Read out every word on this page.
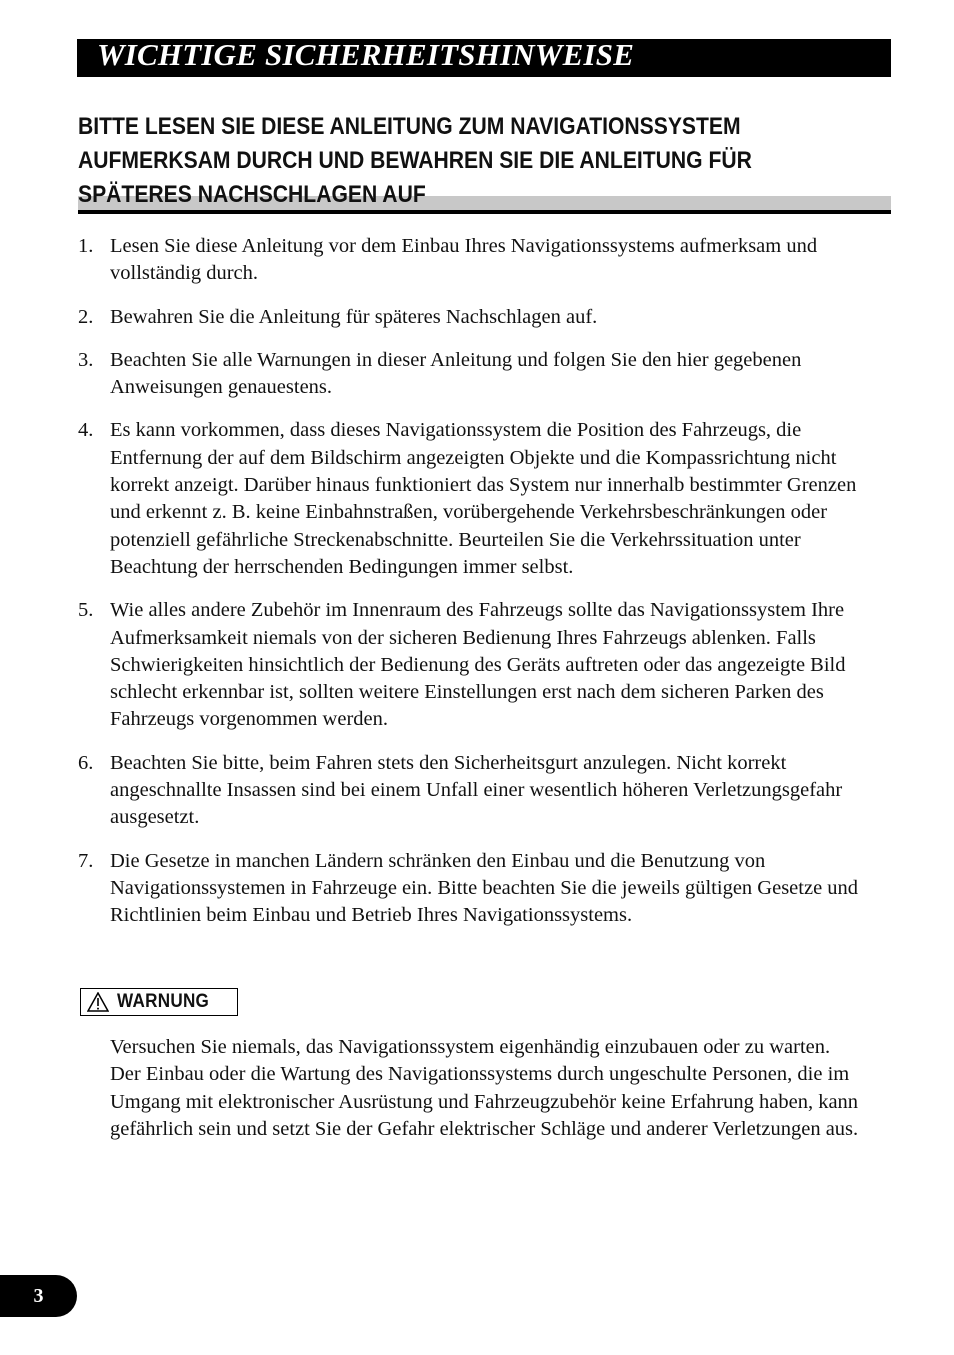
WICHTIGE SICHERHEITSHINWEISE
BITTE LESEN SIE DIESE ANLEITUNG ZUM NAVIGATIONSSYSTEM
AUFMERKSAM DURCH UND BEWAHREN SIE DIE ANLEITUNG FÜR
SPÄTERES NACHSCHLAGEN AUF
1. Lesen Sie diese Anleitung vor dem Einbau Ihres Navigationssystems aufmerksam und vollständig durch.
2. Bewahren Sie die Anleitung für späteres Nachschlagen auf.
3. Beachten Sie alle Warnungen in dieser Anleitung und folgen Sie den hier gegebenen Anweisungen genauestens.
4. Es kann vorkommen, dass dieses Navigationssystem die Position des Fahrzeugs, die Entfernung der auf dem Bildschirm angezeigten Objekte und die Kompassrichtung nicht korrekt anzeigt. Darüber hinaus funktioniert das System nur innerhalb bestimmter Grenzen und erkennt z. B. keine Einbahnstraßen, vorübergehende Verkehrsbeschränkungen oder potenziell gefährliche Streckenabschnitte. Beurteilen Sie die Verkehrssituation unter Beachtung der herrschenden Bedingungen immer selbst.
5. Wie alles andere Zubehör im Innenraum des Fahrzeugs sollte das Navigationssystem Ihre Aufmerksamkeit niemals von der sicheren Bedienung Ihres Fahrzeugs ablenken. Falls Schwierigkeiten hinsichtlich der Bedienung des Geräts auftreten oder das angezeigte Bild schlecht erkennbar ist, sollten weitere Einstellungen erst nach dem sicheren Parken des Fahrzeugs vorgenommen werden.
6. Beachten Sie bitte, beim Fahren stets den Sicherheitsgurt anzulegen. Nicht korrekt angeschnallte Insassen sind bei einem Unfall einer wesentlich höheren Verletzungsgefahr ausgesetzt.
7. Die Gesetze in manchen Ländern schränken den Einbau und die Benutzung von Navigationssystemen in Fahrzeuge ein. Bitte beachten Sie die jeweils gültigen Gesetze und Richtlinien beim Einbau und Betrieb Ihres Navigationssystems.
WARNUNG

Versuchen Sie niemals, das Navigationssystem eigenhändig einzubauen oder zu warten.

Der Einbau oder die Wartung des Navigationssystems durch ungeschulte Personen, die im Umgang mit elektronischer Ausrüstung und Fahrzeugzubehör keine Erfahrung haben, kann gefährlich sein und setzt Sie der Gefahr elektrischer Schläge und anderer Verletzungen aus.

3
